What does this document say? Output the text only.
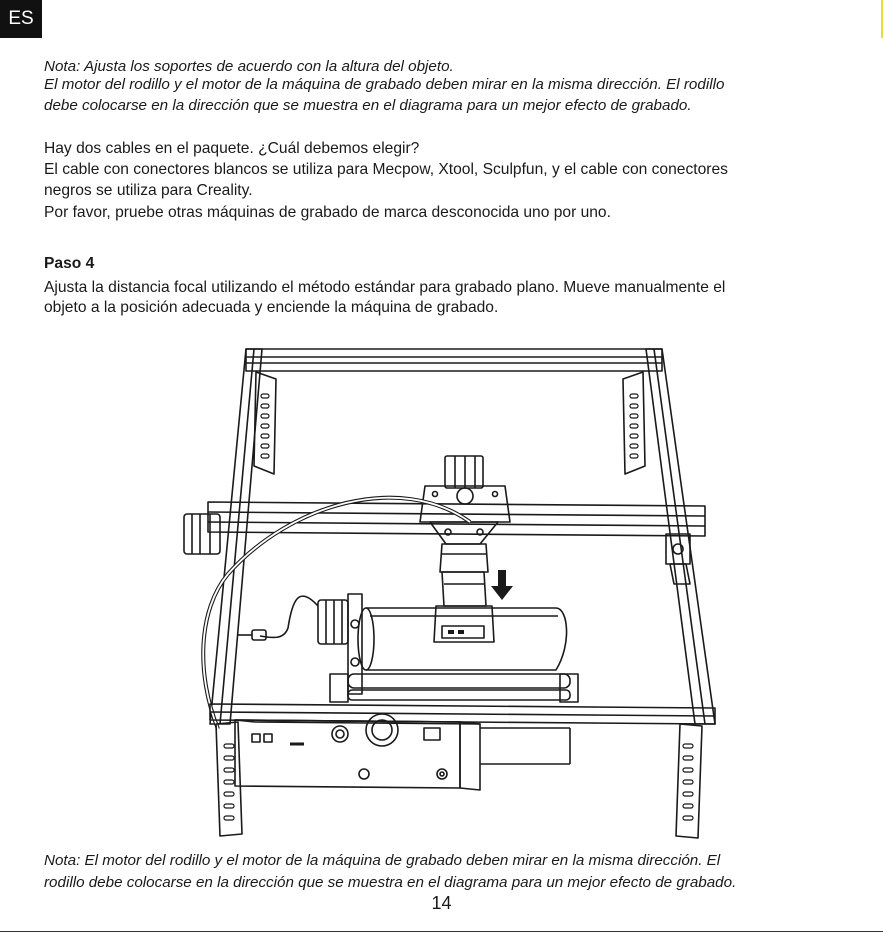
ES

Nota: Ajusta los soportes de acuerdo con la altura del objeto.

El motor del rodillo y el motor de la máquina de grabado deben mirar en la misma dirección. El rodillo

debe colocarse en la dirección que se muestra en el diagrama para un mejor efecto de grabado.

Hay dos cables en el paquete. ¿Cuál debemos elegir?

El cable con conectores blancos se utiliza para Mecpow, Xtool, Sculpfun, y el cable con conectores

negros se utiliza para Creality.

Por favor, pruebe otras máquinas de grabado de marca desconocida uno por uno.

Paso 4

Ajusta la distancia focal utilizando el método estándar para grabado plano. Mueve manualmente el

objeto a la posición adecuada y enciende la máquina de grabado.

Nota: El motor del rodillo y el motor de la máquina de grabado deben mirar en la misma dirección. El

rodillo debe colocarse en la dirección que se muestra en el diagrama para un mejor efecto de grabado.

14
